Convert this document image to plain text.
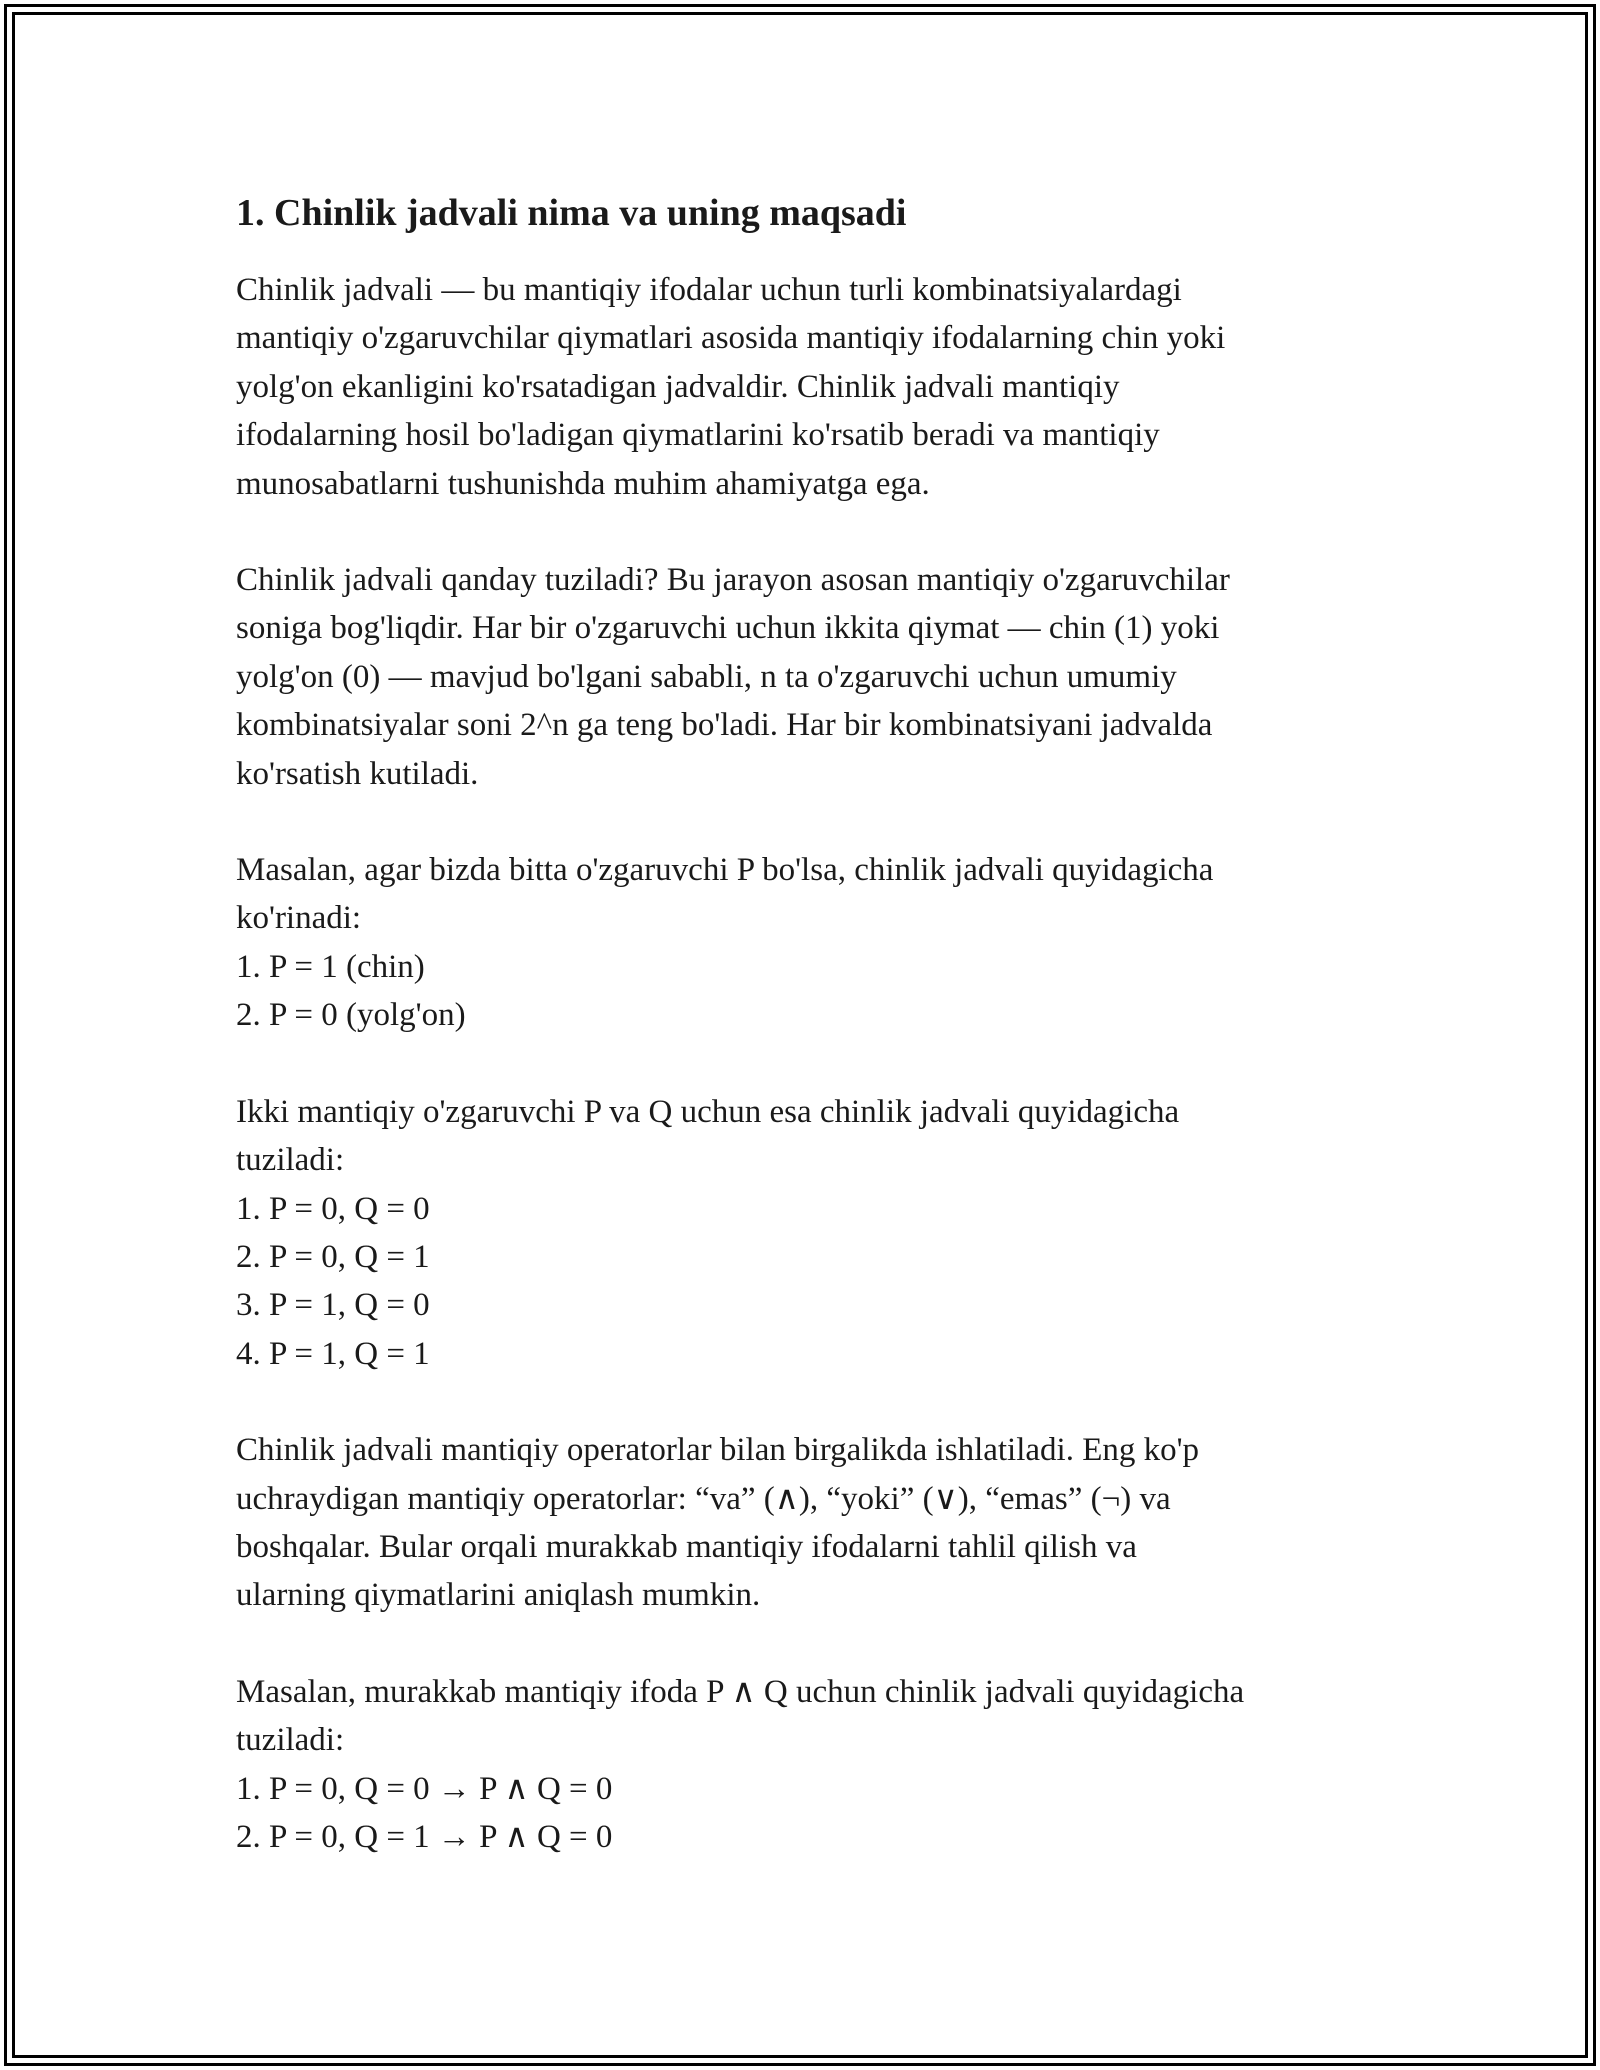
1. Chinlik jadvali nima va uning maqsadi

Chinlik jadvali — bu mantiqiy ifodalar uchun turli kombinatsiyalardagi
mantiqiy o'zgaruvchilar qiymatlari asosida mantiqiy ifodalarning chin yoki
yolg'on ekanligini ko'rsatadigan jadvaldir. Chinlik jadvali mantiqiy
ifodalarning hosil bo'ladigan qiymatlarini ko'rsatib beradi va mantiqiy
munosabatlarni tushunishda muhim ahamiyatga ega.

Chinlik jadvali qanday tuziladi? Bu jarayon asosan mantiqiy o'zgaruvchilar
soniga bog'liqdir. Har bir o'zgaruvchi uchun ikkita qiymat — chin (1) yoki
yolg'on (0) — mavjud bo'lgani sababli, n ta o'zgaruvchi uchun umumiy
kombinatsiyalar soni 2^n ga teng bo'ladi. Har bir kombinatsiyani jadvalda
ko'rsatish kutiladi.

Masalan, agar bizda bitta o'zgaruvchi P bo'lsa, chinlik jadvali quyidagicha
ko'rinadi:
1. P = 1 (chin)
2. P = 0 (yolg'on)

Ikki mantiqiy o'zgaruvchi P va Q uchun esa chinlik jadvali quyidagicha
tuziladi:
1. P = 0, Q = 0
2. P = 0, Q = 1
3. P = 1, Q = 0
4. P = 1, Q = 1

Chinlik jadvali mantiqiy operatorlar bilan birgalikda ishlatiladi. Eng ko'p
uchraydigan mantiqiy operatorlar: “va” (∧), “yoki” (∨), “emas” (¬) va
boshqalar. Bular orqali murakkab mantiqiy ifodalarni tahlil qilish va
ularning qiymatlarini aniqlash mumkin.

Masalan, murakkab mantiqiy ifoda P ∧ Q uchun chinlik jadvali quyidagicha
tuziladi:
1. P = 0, Q = 0 → P ∧ Q = 0
2. P = 0, Q = 1 → P ∧ Q = 0
